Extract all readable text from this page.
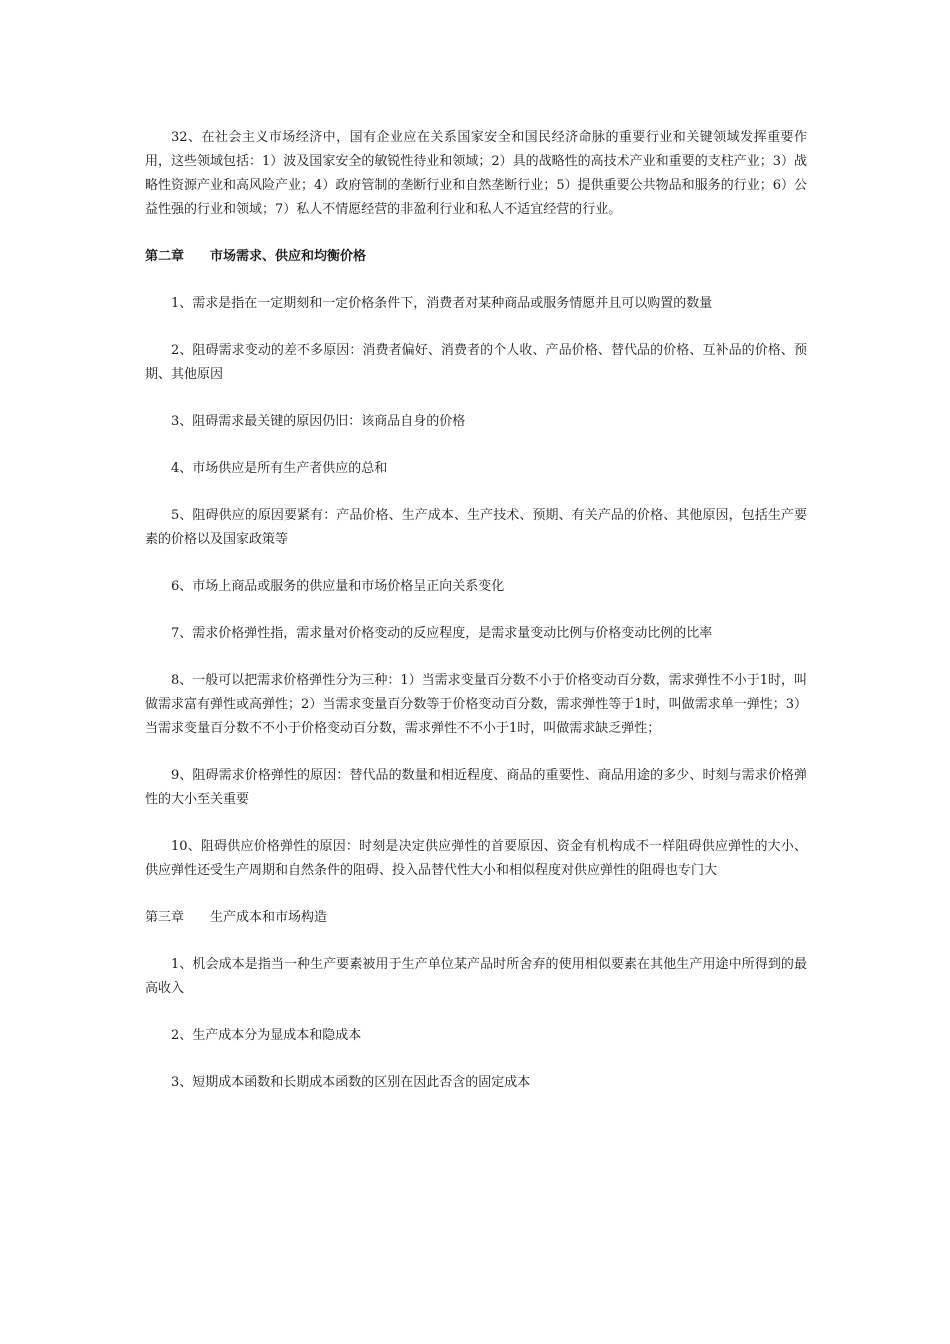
32、在社会主义市场经济中，国有企业应在关系国家安全和国民经济命脉的重要行业和关键领域发挥重要作用，这些领域包括：1）波及国家安全的敏锐性待业和领域；2）具的战略性的高技术产业和重要的支柱产业；3）战略性资源产业和高风险产业；4）政府管制的垄断行业和自然垄断行业；5）提供重要公共物品和服务的行业；6）公益性强的行业和领域；7）私人不情愿经营的非盈利行业和私人不适宜经营的行业。

第二章　　市场需求、供应和均衡价格

1、需求是指在一定期刻和一定价格条件下，消费者对某种商品或服务情愿并且可以购置的数量

2、阻碍需求变动的差不多原因：消费者偏好、消费者的个人收、产品价格、替代品的价格、互补品的价格、预期、其他原因

3、阻碍需求最关键的原因仍旧：该商品自身的价格

4、市场供应是所有生产者供应的总和

5、阻碍供应的原因要紧有：产品价格、生产成本、生产技术、预期、有关产品的价格、其他原因，包括生产要素的价格以及国家政策等

6、市场上商品或服务的供应量和市场价格呈正向关系变化

7、需求价格弹性指，需求量对价格变动的反应程度，是需求量变动比例与价格变动比例的比率

8、一般可以把需求价格弹性分为三种：1）当需求变量百分数不小于价格变动百分数，需求弹性不小于1时，叫做需求富有弹性或高弹性；2）当需求变量百分数等于价格变动百分数，需求弹性等于1时，叫做需求单一弹性；3）当需求变量百分数不不小于价格变动百分数，需求弹性不不小于1时，叫做需求缺乏弹性；

9、阻碍需求价格弹性的原因：替代品的数量和相近程度、商品的重要性、商品用途的多少、时刻与需求价格弹性的大小至关重要

10、阻碍供应价格弹性的原因：时刻是决定供应弹性的首要原因、资金有机构成不一样阻碍供应弹性的大小、供应弹性还受生产周期和自然条件的阻碍、投入品替代性大小和相似程度对供应弹性的阻碍也专门大

第三章　　生产成本和市场构造

1、机会成本是指当一种生产要素被用于生产单位某产品时所舍弃的使用相似要素在其他生产用途中所得到的最高收入

2、生产成本分为显成本和隐成本

3、短期成本函数和长期成本函数的区别在因此否含的固定成本
